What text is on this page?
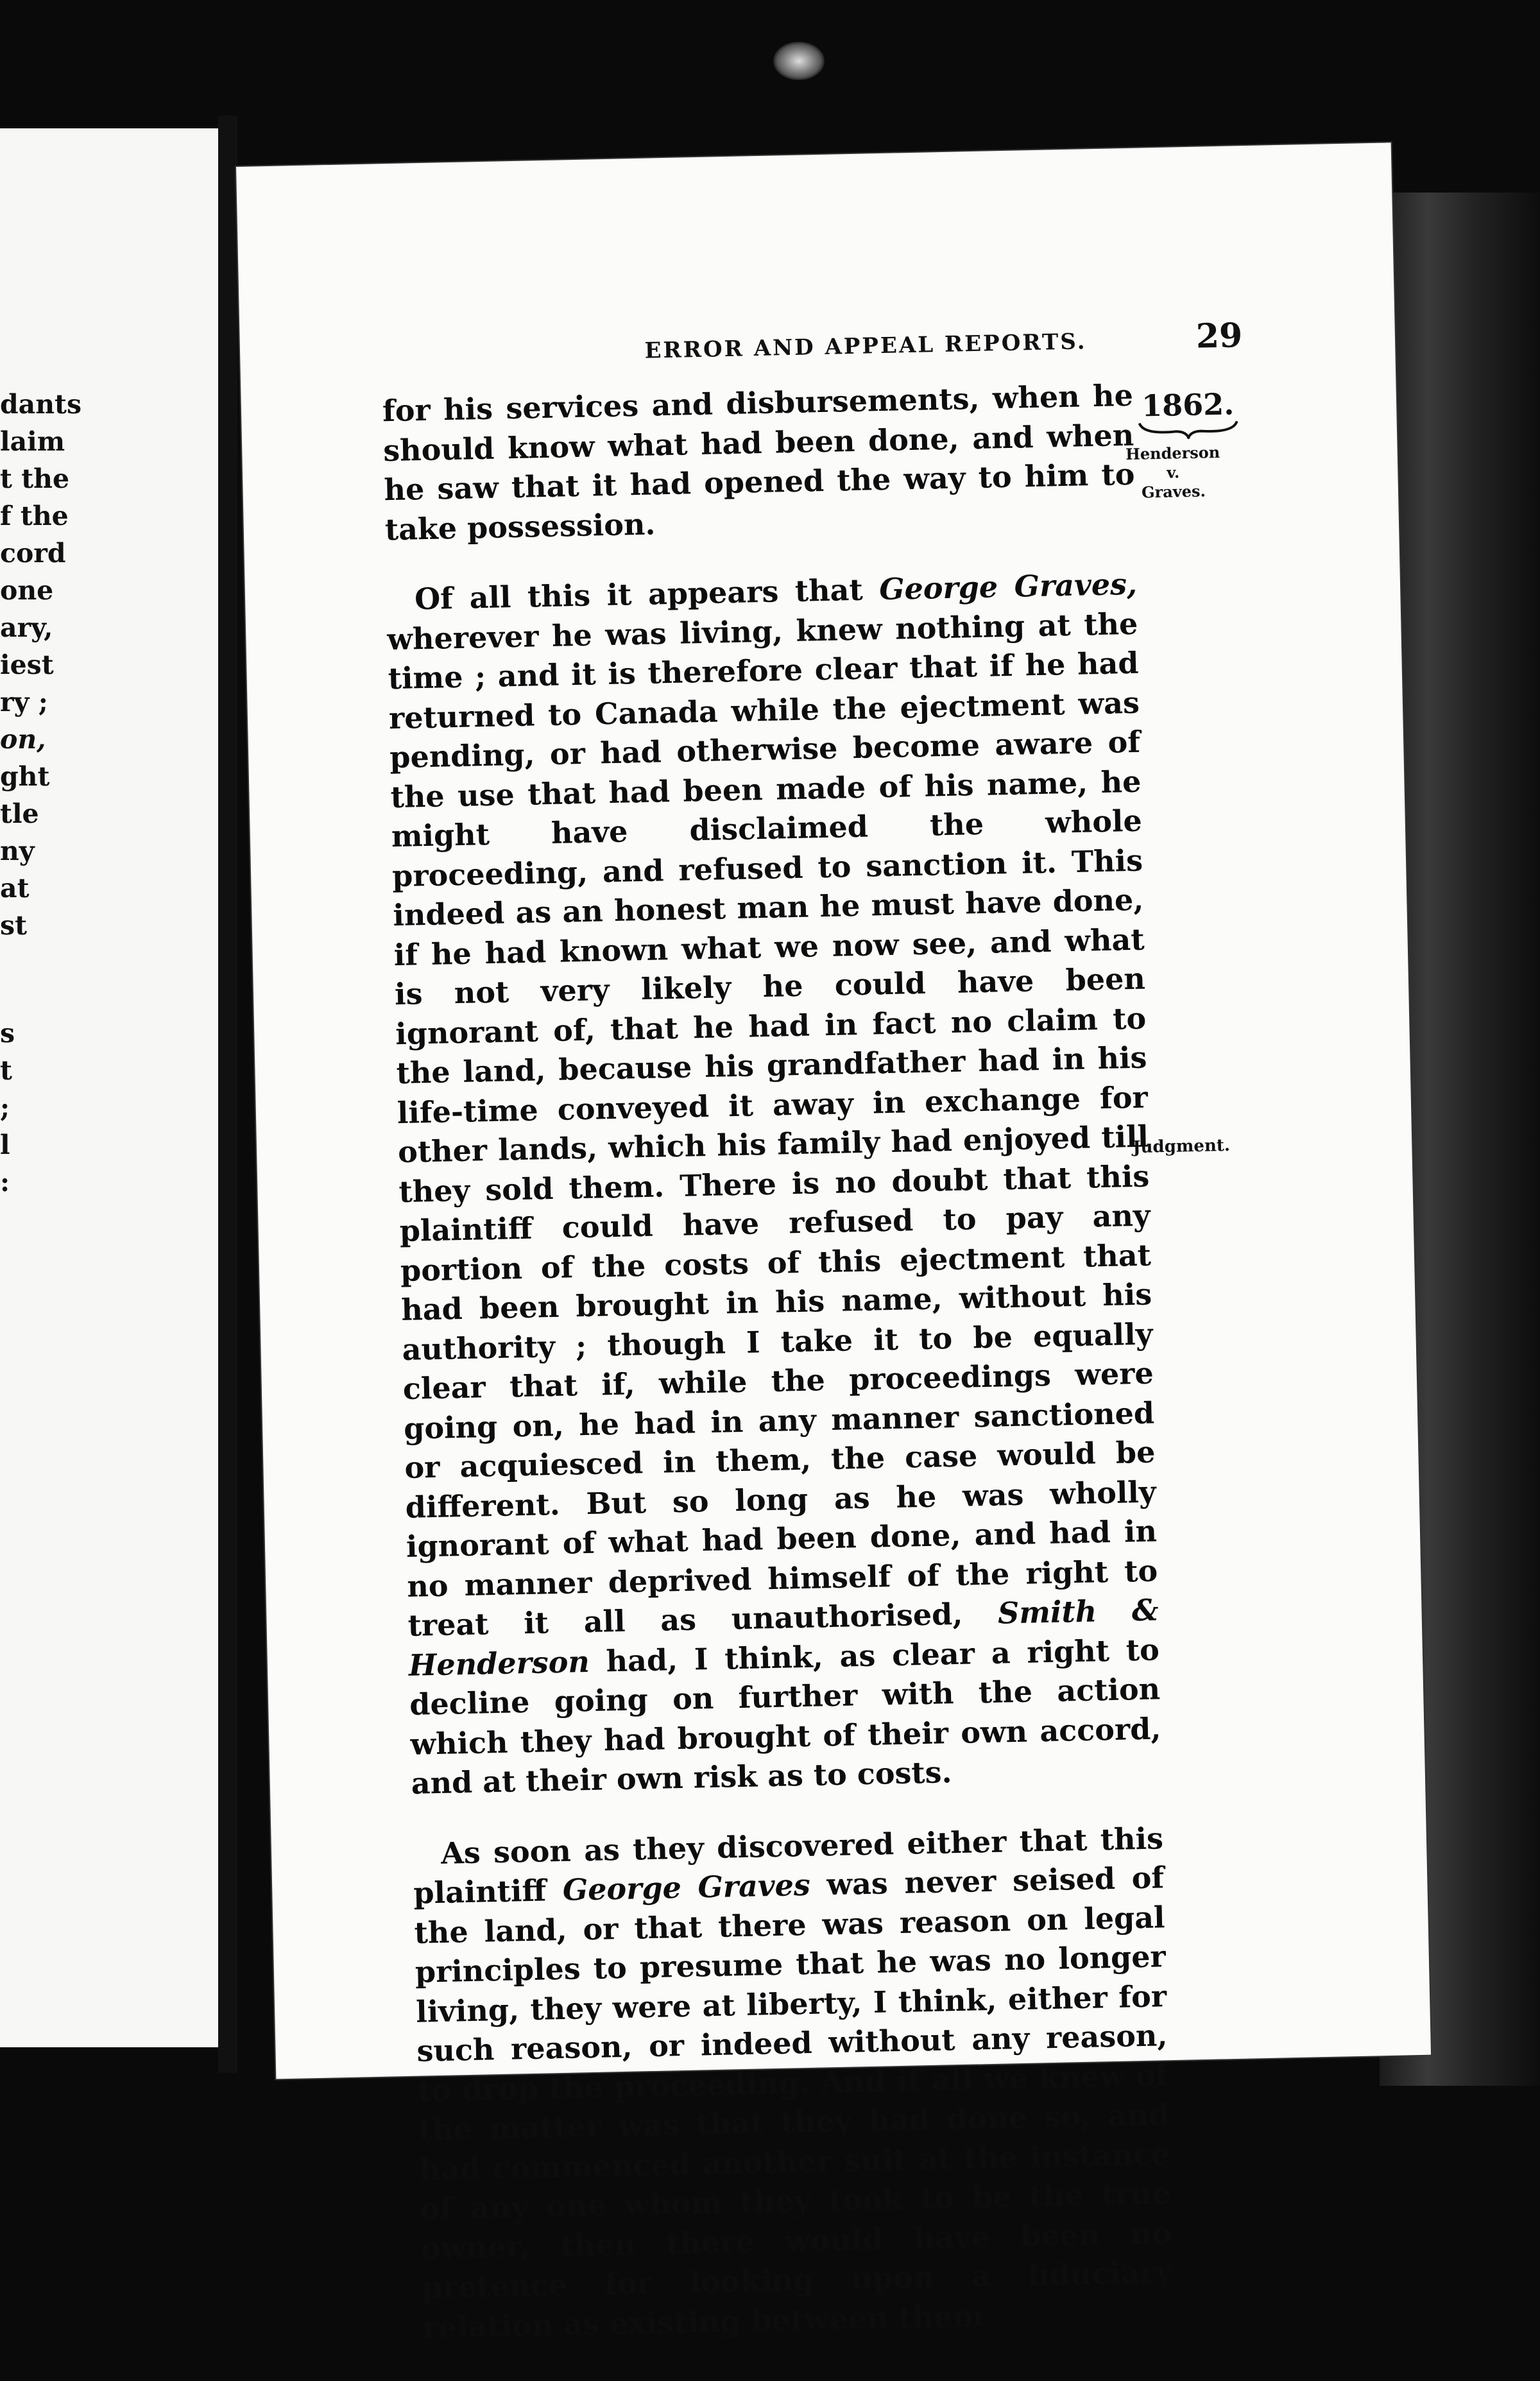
dants
laim
t the
f the
cord
one
ary,
iest
ry ;
on,
ght
tle
ny
at
st
s
t
;
l
:
ERROR AND APPEAL REPORTS.	29
1862.
Henderson
v.
Graves.
Judgment.

for his services and disbursements, when he should know what had been done, and when he saw that it had opened the way to him to take possession.

Of all this it appears that George Graves, wherever he was living, knew nothing at the time ; and it is therefore clear that if he had returned to Canada while the ejectment was pending, or had otherwise become aware of the use that had been made of his name, he might have disclaimed the whole proceeding, and refused to sanction it. This indeed as an honest man he must have done, if he had known what we now see, and what is not very likely he could have been ignorant of, that he had in fact no claim to the land, because his grandfather had in his life-time conveyed it away in exchange for other lands, which his family had enjoyed till they sold them. There is no doubt that this plaintiff could have refused to pay any portion of the costs of this ejectment that had been brought in his name, without his authority ; though I take it to be equally clear that if, while the proceedings were going on, he had in any manner sanctioned or acquiesced in them, the case would be different. But so long as he was wholly ignorant of what had been done, and had in no manner deprived himself of the right to treat it all as unauthorised, Smith & Henderson had, I think, as clear a right to decline going on further with the action which they had brought of their own accord, and at their own risk as to costs.

As soon as they discovered either that this plaintiff George Graves was never seised of the land, or that there was reason on legal principles to presume that he was no longer living, they were at liberty, I think, either for such reason, or indeed without any reason, to drop the proceeding. And if all we knew of the matter was that they had done so, and had commenced another suit at the instance of any one whom they took to be the true owner, then there would have been no pretence for looking upon a fiduciary relation as existing between them
